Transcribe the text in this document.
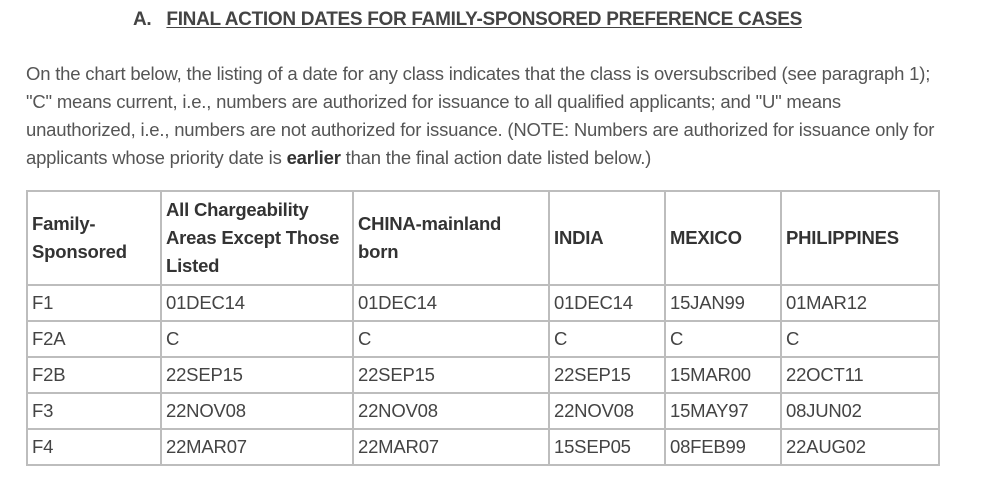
A. FINAL ACTION DATES FOR FAMILY-SPONSORED PREFERENCE CASES

On the chart below, the listing of a date for any class indicates that the class is oversubscribed (see paragraph 1); "C" means current, i.e., numbers are authorized for issuance to all qualified applicants; and "U" means unauthorized, i.e., numbers are not authorized for issuance. (NOTE: Numbers are authorized for issuance only for applicants whose priority date is earlier than the final action date listed below.)

Family-Sponsored	All Chargeability Areas Except Those Listed	CHINA-mainland born	INDIA	MEXICO	PHILIPPINES
F1	01DEC14	01DEC14	01DEC14	15JAN99	01MAR12
F2A	C	C	C	C	C
F2B	22SEP15	22SEP15	22SEP15	15MAR00	22OCT11
F3	22NOV08	22NOV08	22NOV08	15MAY97	08JUN02
F4	22MAR07	22MAR07	15SEP05	08FEB99	22AUG02
